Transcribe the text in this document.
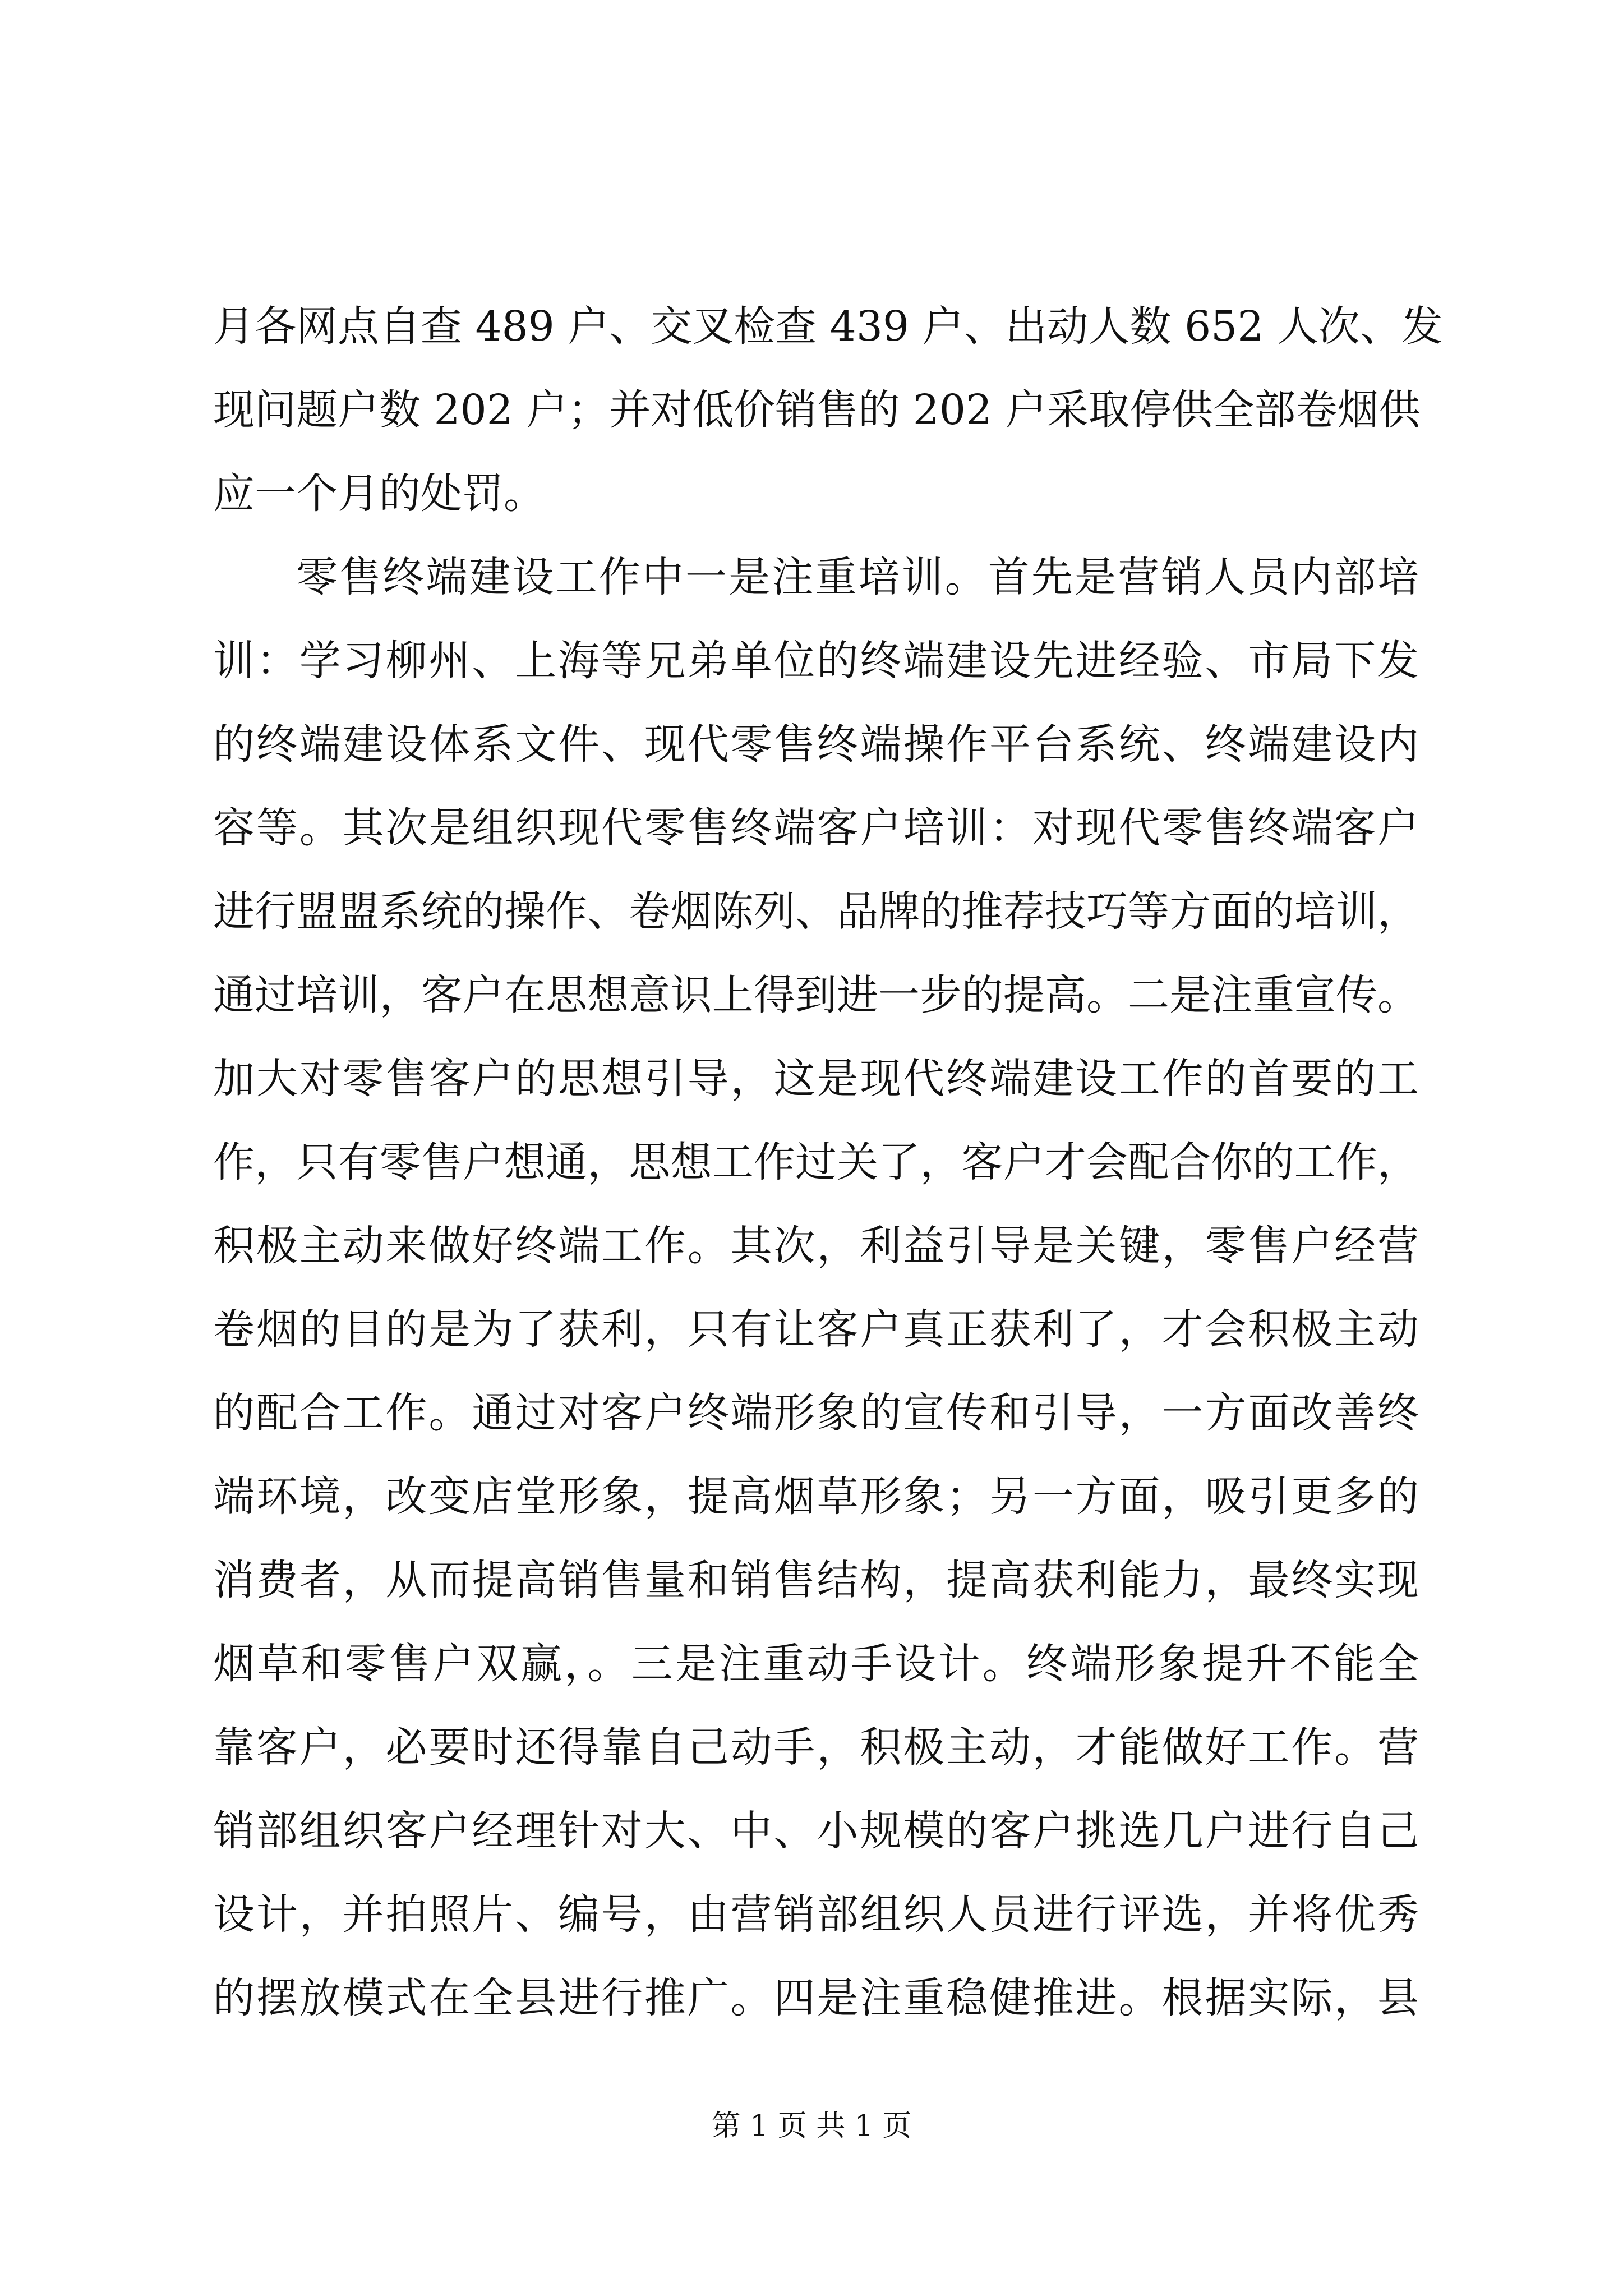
月各网点自查 489 户、交叉检查 439 户、出动人数 652 人次、发
现问题户数 202 户；并对低价销售的 202 户采取停供全部卷烟供
应一个月的处罚。
零售终端建设工作中一是注重培训。首先是营销人员内部培
训：学习柳州、上海等兄弟单位的终端建设先进经验、市局下发
的终端建设体系文件、现代零售终端操作平台系统、终端建设内
容等。其次是组织现代零售终端客户培训：对现代零售终端客户
进行盟盟系统的操作、卷烟陈列、品牌的推荐技巧等方面的培训，
通过培训，客户在思想意识上得到进一步的提高。二是注重宣传。
加大对零售客户的思想引导，这是现代终端建设工作的首要的工
作，只有零售户想通，思想工作过关了，客户才会配合你的工作，
积极主动来做好终端工作。其次，利益引导是关键，零售户经营
卷烟的目的是为了获利，只有让客户真正获利了，才会积极主动
的配合工作。通过对客户终端形象的宣传和引导，一方面改善终
端环境，改变店堂形象，提高烟草形象；另一方面，吸引更多的
消费者，从而提高销售量和销售结构，提高获利能力，最终实现
烟草和零售户双赢，。三是注重动手设计。终端形象提升不能全
靠客户，必要时还得靠自己动手，积极主动，才能做好工作。营
销部组织客户经理针对大、中、小规模的客户挑选几户进行自己
设计，并拍照片、编号，由营销部组织人员进行评选，并将优秀
的摆放模式在全县进行推广。四是注重稳健推进。根据实际，县
第 1 页 共 1 页
